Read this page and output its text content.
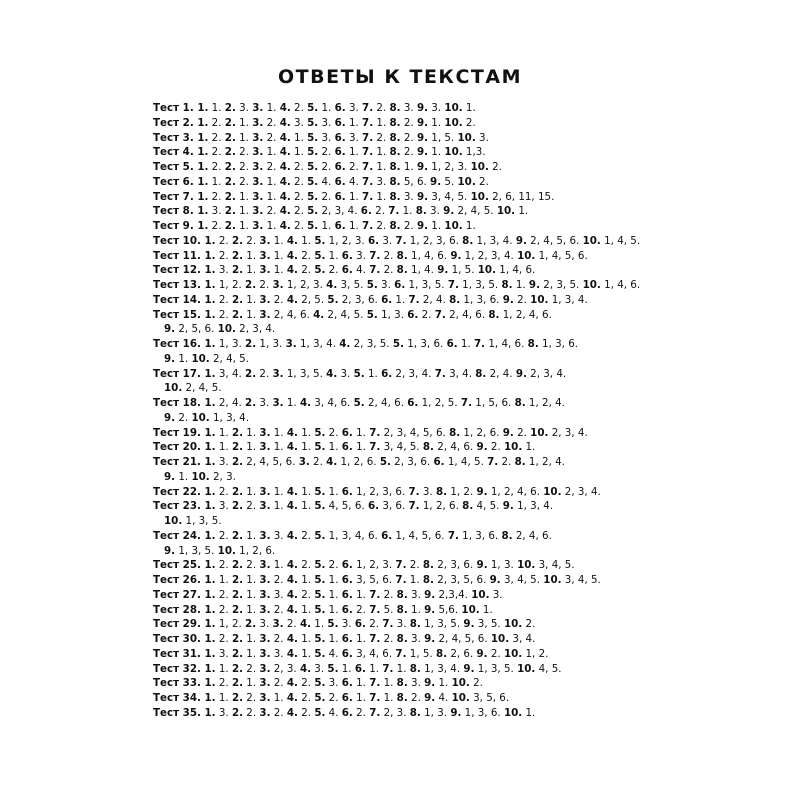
ОТВЕТЫ К ТЕКСТАМ
Тест 1. 1. 1. 2. 3. 3. 1. 4. 2. 5. 1. 6. 3. 7. 2. 8. 3. 9. 3. 10. 1.
Тест 2. 1. 2. 2. 1. 3. 2. 4. 3. 5. 3. 6. 1. 7. 1. 8. 2. 9. 1. 10. 2.
Тест 3. 1. 2. 2. 1. 3. 2. 4. 1. 5. 3. 6. 3. 7. 2. 8. 2. 9. 1, 5. 10. 3.
Тест 4. 1. 2. 2. 2. 3. 1. 4. 1. 5. 2. 6. 1. 7. 1. 8. 2. 9. 1. 10. 1,3.
Тест 5. 1. 2. 2. 2. 3. 2. 4. 2. 5. 2. 6. 2. 7. 1. 8. 1. 9. 1, 2, 3. 10. 2.
Тест 6. 1. 1. 2. 2. 3. 1. 4. 2. 5. 4. 6. 4. 7. 3. 8. 5, 6. 9. 5. 10. 2.
Тест 7. 1. 2. 2. 1. 3. 1. 4. 2. 5. 2. 6. 1. 7. 1. 8. 3. 9. 3, 4, 5. 10. 2, 6, 11, 15.
Тест 8. 1. 3. 2. 1. 3. 2. 4. 2. 5. 2, 3, 4. 6. 2. 7. 1. 8. 3. 9. 2, 4, 5. 10. 1.
Тест 9. 1. 2. 2. 1. 3. 1. 4. 2. 5. 1. 6. 1. 7. 2. 8. 2. 9. 1. 10. 1.
Тест 10. 1. 2. 2. 2. 3. 1. 4. 1. 5. 1, 2, 3. 6. 3. 7. 1, 2, 3, 6. 8. 1, 3, 4. 9. 2, 4, 5, 6. 10. 1, 4, 5.
Тест 11. 1. 2. 2. 1. 3. 1. 4. 2. 5. 1. 6. 3. 7. 2. 8. 1, 4, 6. 9. 1, 2, 3, 4. 10. 1, 4, 5, 6.
Тест 12. 1. 3. 2. 1. 3. 1. 4. 2. 5. 2. 6. 4. 7. 2. 8. 1, 4. 9. 1, 5. 10. 1, 4, 6.
Тест 13. 1. 1, 2. 2. 2. 3. 1, 2, 3. 4. 3, 5. 5. 3. 6. 1, 3, 5. 7. 1, 3, 5. 8. 1. 9. 2, 3, 5. 10. 1, 4, 6.
Тест 14. 1. 2. 2. 1. 3. 2. 4. 2, 5. 5. 2, 3, 6. 6. 1. 7. 2, 4. 8. 1, 3, 6. 9. 2. 10. 1, 3, 4.
Тест 15. 1. 2. 2. 1. 3. 2, 4, 6. 4. 2, 4, 5. 5. 1, 3. 6. 2. 7. 2, 4, 6. 8. 1, 2, 4, 6.
9. 2, 5, 6. 10. 2, 3, 4.
Тест 16. 1. 1, 3. 2. 1, 3. 3. 1, 3, 4. 4. 2, 3, 5. 5. 1, 3, 6. 6. 1. 7. 1, 4, 6. 8. 1, 3, 6.
9. 1. 10. 2, 4, 5.
Тест 17. 1. 3, 4. 2. 2. 3. 1, 3, 5. 4. 3. 5. 1. 6. 2, 3, 4. 7. 3, 4. 8. 2, 4. 9. 2, 3, 4.
10. 2, 4, 5.
Тест 18. 1. 2, 4. 2. 3. 3. 1. 4. 3, 4, 6. 5. 2, 4, 6. 6. 1, 2, 5. 7. 1, 5, 6. 8. 1, 2, 4.
9. 2. 10. 1, 3, 4.
Тест 19. 1. 1. 2. 1. 3. 1. 4. 1. 5. 2. 6. 1. 7. 2, 3, 4, 5, 6. 8. 1, 2, 6. 9. 2. 10. 2, 3, 4.
Тест 20. 1. 1. 2. 1. 3. 1. 4. 1. 5. 1. 6. 1. 7. 3, 4, 5. 8. 2, 4, 6. 9. 2. 10. 1.
Тест 21. 1. 3. 2. 2, 4, 5, 6. 3. 2. 4. 1, 2, 6. 5. 2, 3, 6. 6. 1, 4, 5. 7. 2. 8. 1, 2, 4.
9. 1. 10. 2, 3.
Тест 22. 1. 2. 2. 1. 3. 1. 4. 1. 5. 1. 6. 1, 2, 3, 6. 7. 3. 8. 1, 2. 9. 1, 2, 4, 6. 10. 2, 3, 4.
Тест 23. 1. 3. 2. 2. 3. 1. 4. 1. 5. 4, 5, 6. 6. 3, 6. 7. 1, 2, 6. 8. 4, 5. 9. 1, 3, 4.
10. 1, 3, 5.
Тест 24. 1. 2. 2. 1. 3. 3. 4. 2. 5. 1, 3, 4, 6. 6. 1, 4, 5, 6. 7. 1, 3, 6. 8. 2, 4, 6.
9. 1, 3, 5. 10. 1, 2, 6.
Тест 25. 1. 2. 2. 2. 3. 1. 4. 2. 5. 2. 6. 1, 2, 3. 7. 2. 8. 2, 3, 6. 9. 1, 3. 10. 3, 4, 5.
Тест 26. 1. 1. 2. 1. 3. 2. 4. 1. 5. 1. 6. 3, 5, 6. 7. 1. 8. 2, 3, 5, 6. 9. 3, 4, 5. 10. 3, 4, 5.
Тест 27. 1. 2. 2. 1. 3. 3. 4. 2. 5. 1. 6. 1. 7. 2. 8. 3. 9. 2,3,4. 10. 3.
Тест 28. 1. 2. 2. 1. 3. 2. 4. 1. 5. 1. 6. 2. 7. 5. 8. 1. 9. 5,6. 10. 1.
Тест 29. 1. 1, 2. 2. 3. 3. 2. 4. 1. 5. 3. 6. 2. 7. 3. 8. 1, 3, 5. 9. 3, 5. 10. 2.
Тест 30. 1. 2. 2. 1. 3. 2. 4. 1. 5. 1. 6. 1. 7. 2. 8. 3. 9. 2, 4, 5, 6. 10. 3, 4.
Тест 31. 1. 3. 2. 1. 3. 3. 4. 1. 5. 4. 6. 3, 4, 6. 7. 1, 5. 8. 2, 6. 9. 2. 10. 1, 2.
Тест 32. 1. 1. 2. 2. 3. 2, 3. 4. 3. 5. 1. 6. 1. 7. 1. 8. 1, 3, 4. 9. 1, 3, 5. 10. 4, 5.
Тест 33. 1. 2. 2. 1. 3. 2. 4. 2. 5. 3. 6. 1. 7. 1. 8. 3. 9. 1. 10. 2.
Тест 34. 1. 1. 2. 2. 3. 1. 4. 2. 5. 2. 6. 1. 7. 1. 8. 2. 9. 4. 10. 3, 5, 6.
Тест 35. 1. 3. 2. 2. 3. 2. 4. 2. 5. 4. 6. 2. 7. 2, 3. 8. 1, 3. 9. 1, 3, 6. 10. 1.
